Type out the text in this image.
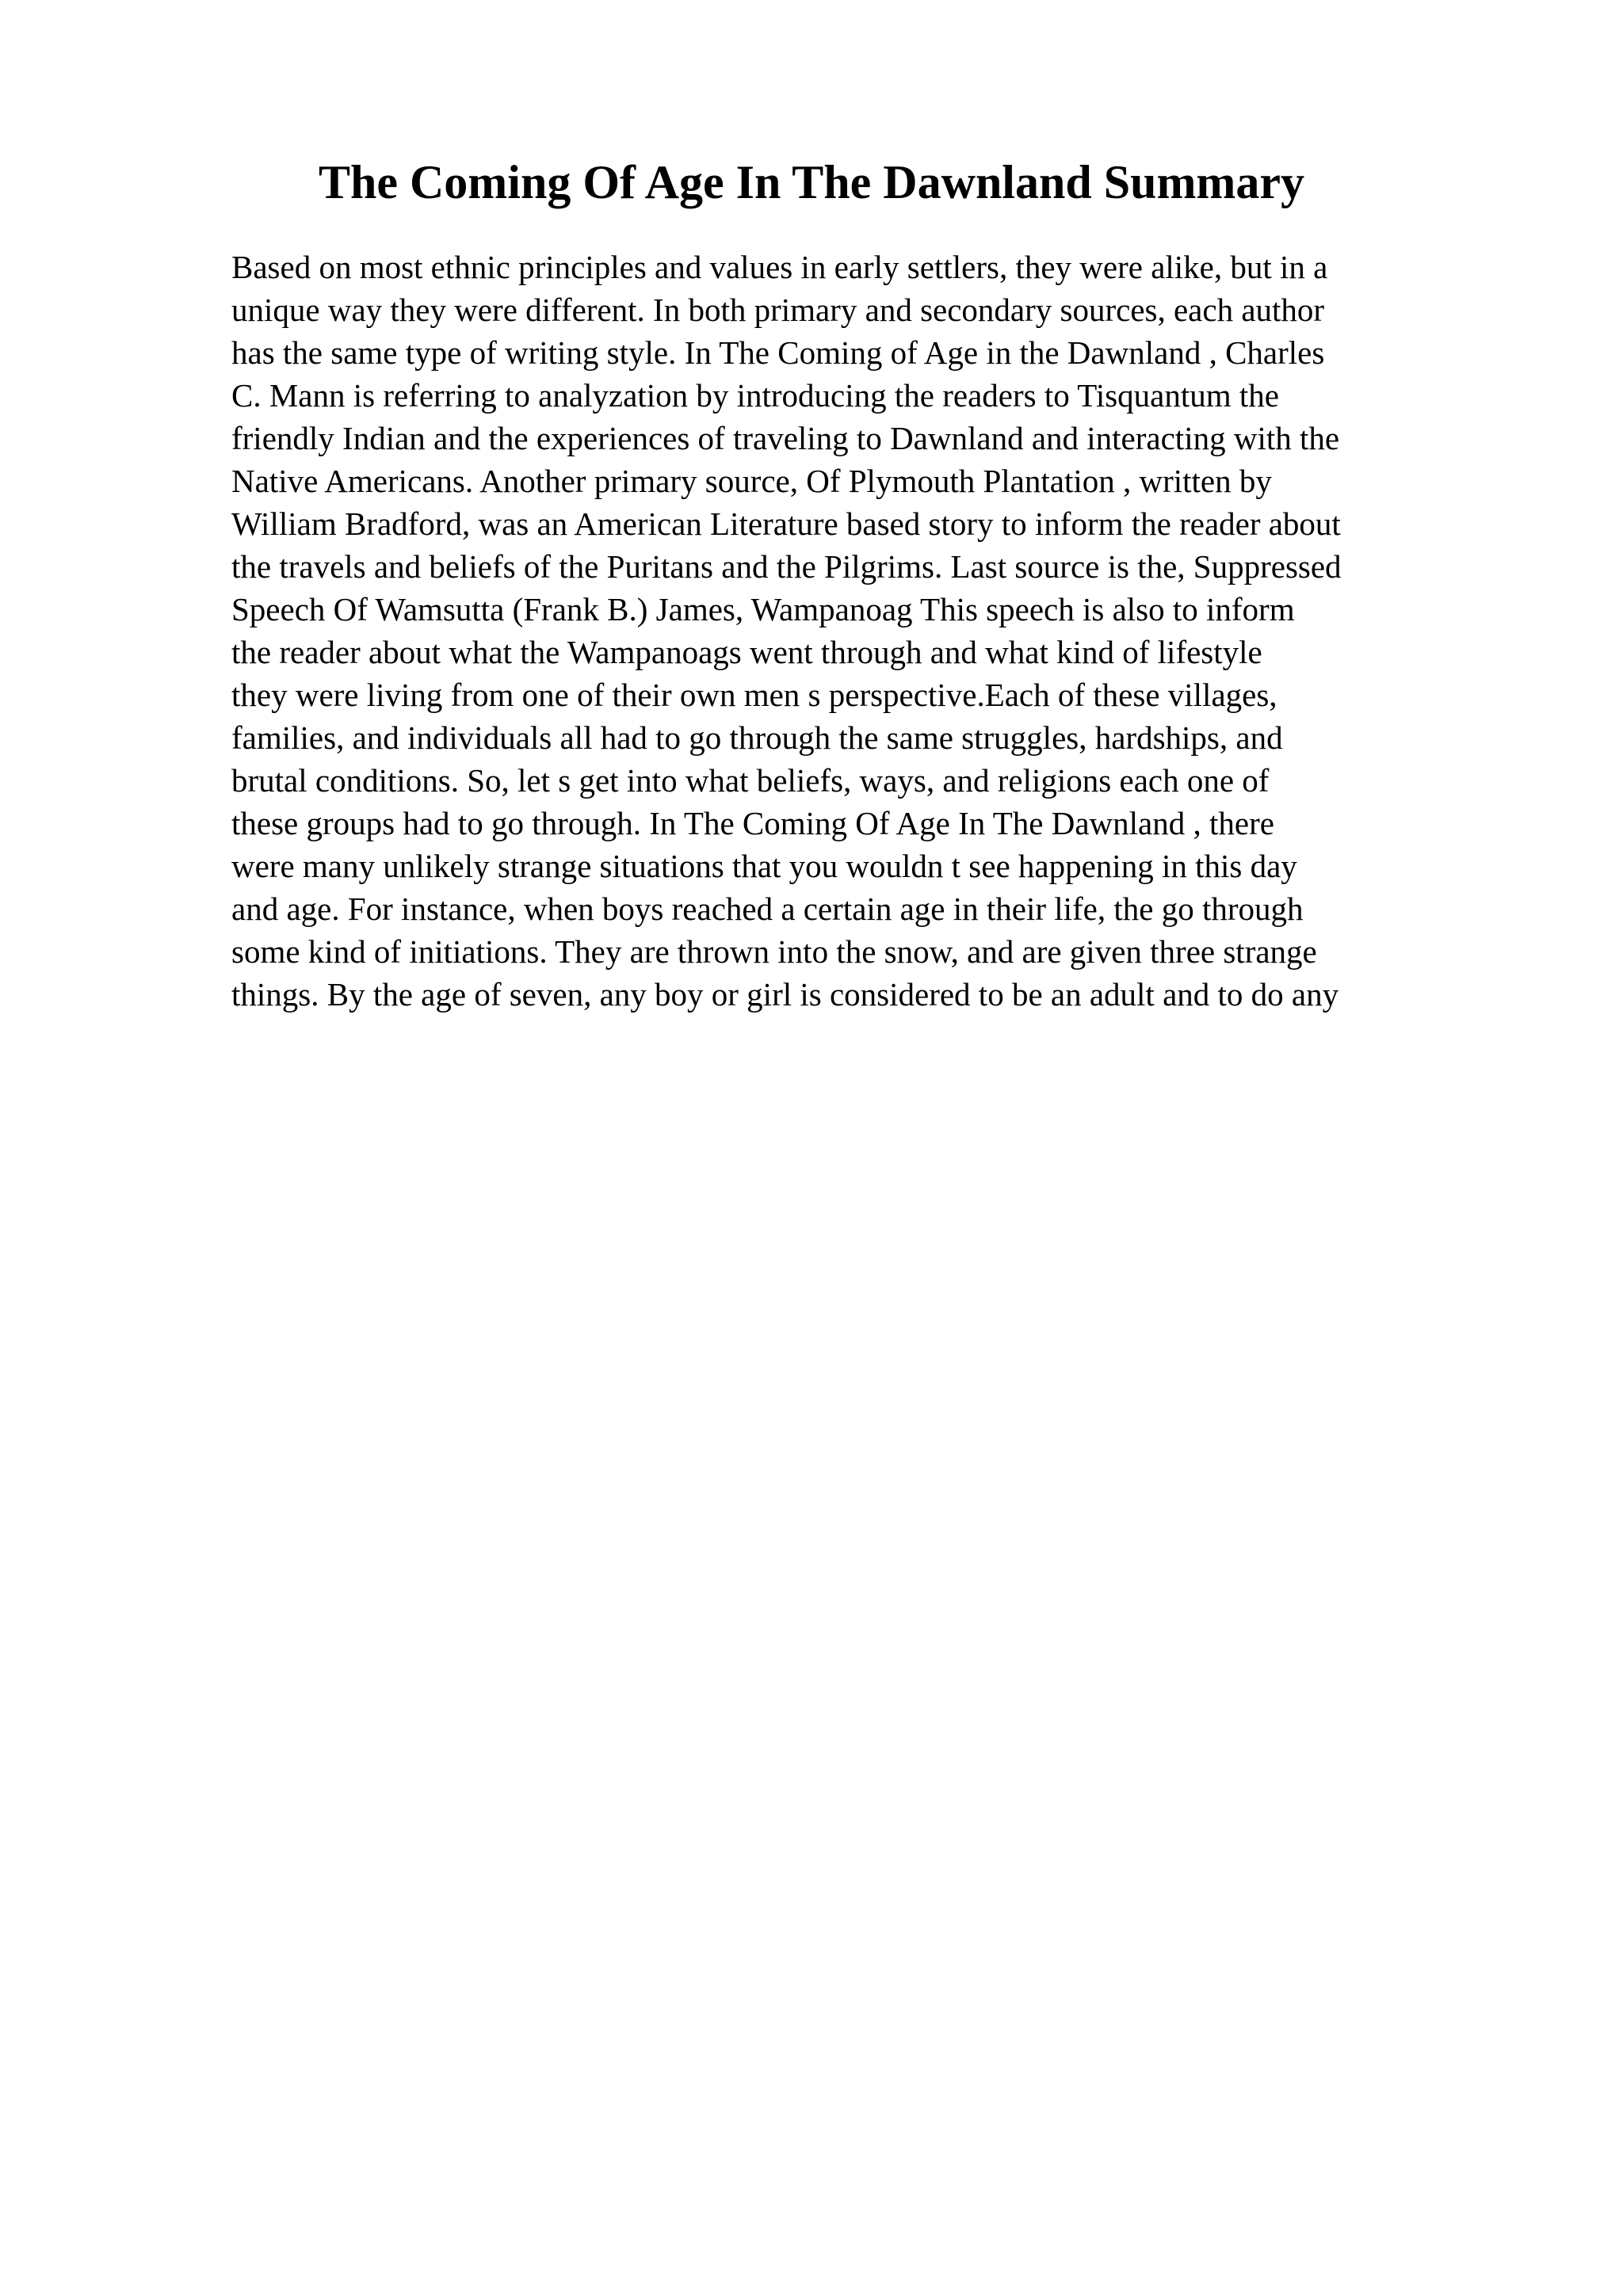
The Coming Of Age In The Dawnland Summary
Based on most ethnic principles and values in early settlers, they were alike, but in a
unique way they were different. In both primary and secondary sources, each author
has the same type of writing style. In The Coming of Age in the Dawnland , Charles
C. Mann is referring to analyzation by introducing the readers to Tisquantum the
friendly Indian and the experiences of traveling to Dawnland and interacting with the
Native Americans. Another primary source, Of Plymouth Plantation , written by
William Bradford, was an American Literature based story to inform the reader about
the travels and beliefs of the Puritans and the Pilgrims. Last source is the, Suppressed
Speech Of Wamsutta (Frank B.) James, Wampanoag This speech is also to inform
the reader about what the Wampanoags went through and what kind of lifestyle
they were living from one of their own men s perspective.Each of these villages,
families, and individuals all had to go through the same struggles, hardships, and
brutal conditions. So, let s get into what beliefs, ways, and religions each one of
these groups had to go through. In The Coming Of Age In The Dawnland , there
were many unlikely strange situations that you wouldn t see happening in this day
and age. For instance, when boys reached a certain age in their life, the go through
some kind of initiations. They are thrown into the snow, and are given three strange
things. By the age of seven, any boy or girl is considered to be an adult and to do any
